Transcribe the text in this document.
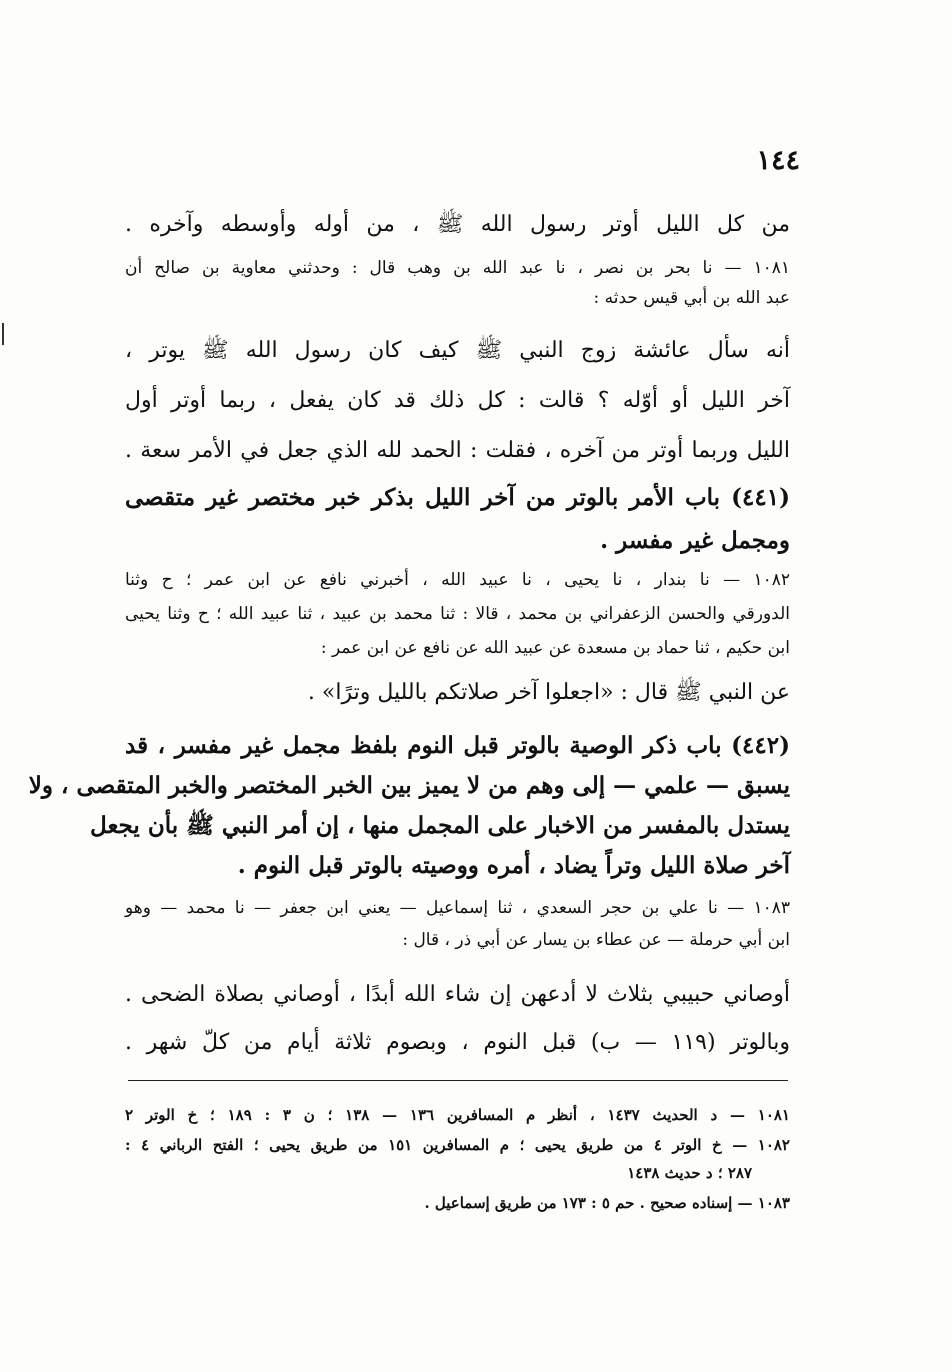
١٤٤
من كل الليل أوتر رسول الله ﷺ ، من أوله وأوسطه وآخره .
١٠٨١ — نا بحر بن نصر ، نا عبد الله بن وهب قال : وحدثني معاوية بن صالح أن
عبد الله بن أبي قيس حدثه :
أنه سأل عائشة زوج النبي ﷺ كيف كان رسول الله ﷺ يوتر ،
آخر الليل أو أوّله ؟ قالت : كل ذلك قد كان يفعل ، ربما أوتر أول
الليل وربما أوتر من آخره ، فقلت : الحمد لله الذي جعل في الأمر سعة .
(٤٤١) باب الأمر بالوتر من آخر الليل بذكر خبر مختصر غير متقصى
ومجمل غير مفسر .
١٠٨٢ — نا بندار ، نا يحيى ، نا عبيد الله ، أخبرني نافع عن ابن عمر ؛ ح وثنا
الدورقي والحسن الزعفراني بن محمد ، قالا : ثنا محمد بن عبيد ، ثنا عبيد الله ؛ ح وثنا يحيى
ابن حكيم ، ثنا حماد بن مسعدة عن عبيد الله عن نافع عن ابن عمر :
عن النبي ﷺ قال : «اجعلوا آخر صلاتكم بالليل وترًا» .
(٤٤٢) باب ذكر الوصية بالوتر قبل النوم بلفظ مجمل غير مفسر ، قد
يسبق — علمي — إلى وهم من لا يميز بين الخبر المختصر والخبر المتقصى ، ولا
يستدل بالمفسر من الاخبار على المجمل منها ، إن أمر النبي ﷺ بأن يجعل
آخر صلاة الليل وتراً يضاد ، أمره ووصيته بالوتر قبل النوم .
١٠٨٣ — نا علي بن حجر السعدي ، ثنا إسماعيل — يعني ابن جعفر — نا محمد — وهو
ابن أبي حرملة — عن عطاء بن يسار عن أبي ذر ، قال :
أوصاني حبيبي بثلاث لا أدعهن إن شاء الله أبدًا ، أوصاني بصلاة الضحى .
وبالوتر (١١٩ — ب) قبل النوم ، وبصوم ثلاثة أيام من كلّ شهر .
١٠٨١ — د الحديث ١٤٣٧ ، أنظر م المسافرين ١٣٦ — ١٣٨ ؛ ن ٣ : ١٨٩ ؛ خ الوتر ٢
١٠٨٢ — خ الوتر ٤ من طريق يحيى ؛ م المسافرين ١٥١ من طريق يحيى ؛ الفتح الرباني ٤ :
٢٨٧ ؛ د حديث ١٤٣٨
١٠٨٣ — إسناده صحيح . حم ٥ : ١٧٣ من طريق إسماعيل .
